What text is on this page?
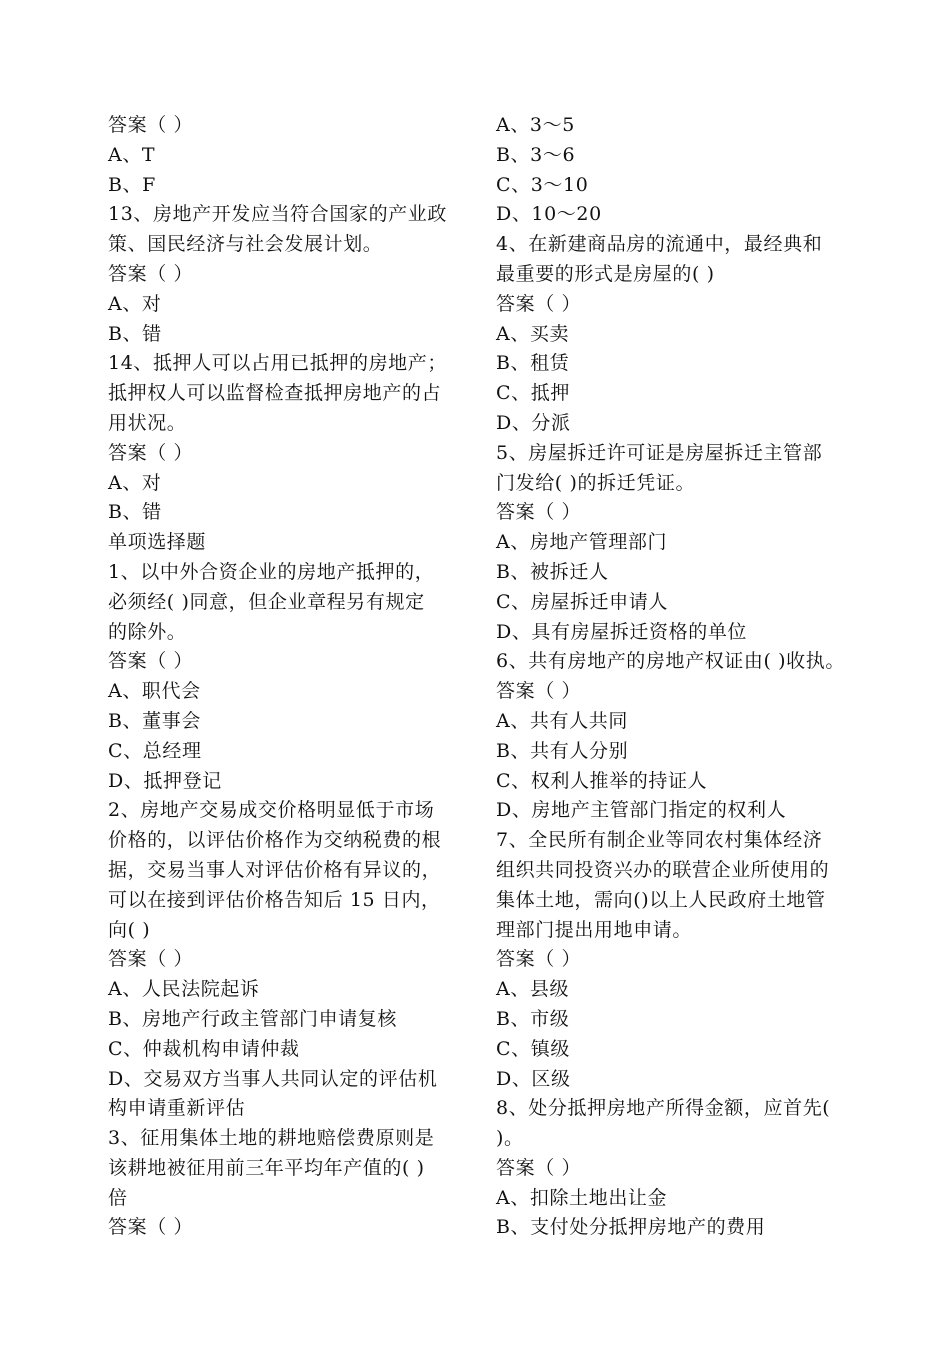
答案（ ）
A、T
B、F
13、房地产开发应当符合国家的产业政
策、国民经济与社会发展计划。
答案（ ）
A、对
B、错
14、抵押人可以占用已抵押的房地产；
抵押权人可以监督检查抵押房地产的占
用状况。
答案（ ）
A、对
B、错
单项选择题
1、以中外合资企业的房地产抵押的，
必须经( )同意，但企业章程另有规定
的除外。
答案（ ）
A、职代会
B、董事会
C、总经理
D、抵押登记
2、房地产交易成交价格明显低于市场
价格的，以评估价格作为交纳税费的根
据，交易当事人对评估价格有异议的，
可以在接到评估价格告知后 15 日内，
向( )
答案（ ）
A、人民法院起诉
B、房地产行政主管部门申请复核
C、仲裁机构申请仲裁
D、交易双方当事人共同认定的评估机
构申请重新评估
3、征用集体土地的耕地赔偿费原则是
该耕地被征用前三年平均年产值的( )
倍
答案（ ）
A、3～5
B、3～6
C、3～10
D、10～20
4、在新建商品房的流通中，最经典和
最重要的形式是房屋的( )
答案（ ）
A、买卖
B、租赁
C、抵押
D、分派
5、房屋拆迁许可证是房屋拆迁主管部
门发给( )的拆迁凭证。
答案（ ）
A、房地产管理部门
B、被拆迁人
C、房屋拆迁申请人
D、具有房屋拆迁资格的单位
6、共有房地产的房地产权证由( )收执。
答案（ ）
A、共有人共同
B、共有人分别
C、权利人推举的持证人
D、房地产主管部门指定的权利人
7、全民所有制企业等同农村集体经济
组织共同投资兴办的联营企业所使用的
集体土地，需向()以上人民政府土地管
理部门提出用地申请。
答案（ ）
A、县级
B、市级
C、镇级
D、区级
8、处分抵押房地产所得金额，应首先(
)。
答案（ ）
A、扣除土地出让金
B、支付处分抵押房地产的费用
